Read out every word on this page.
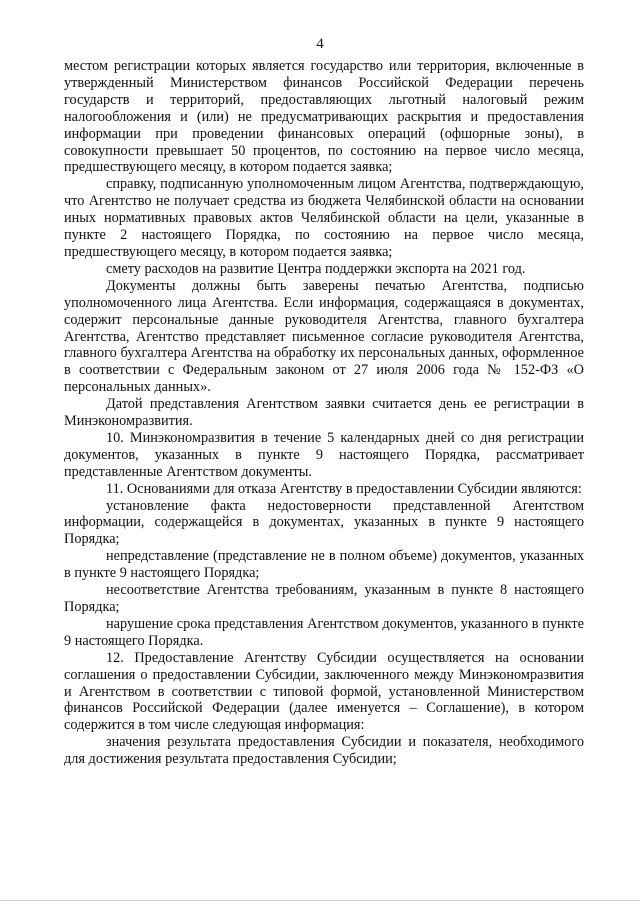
4

местом регистрации которых является государство или территория, включенные в утвержденный Министерством финансов Российской Федерации перечень государств и территорий, предоставляющих льготный налоговый режим налогообложения и (или) не предусматривающих раскрытия и предоставления информации при проведении финансовых операций (офшорные зоны), в совокупности превышает 50 процентов, по состоянию на первое число месяца, предшествующего месяцу, в котором подается заявка;

справку, подписанную уполномоченным лицом Агентства, подтверждающую, что Агентство не получает средства из бюджета Челябинской области на основании иных нормативных правовых актов Челябинской области на цели, указанные в пункте 2 настоящего Порядка, по состоянию на первое число месяца, предшествующего месяцу, в котором подается заявка;

смету расходов на развитие Центра поддержки экспорта на 2021 год.

Документы должны быть заверены печатью Агентства, подписью уполномоченного лица Агентства. Если информация, содержащаяся в документах, содержит персональные данные руководителя Агентства, главного бухгалтера Агентства, Агентство представляет письменное согласие руководителя Агентства, главного бухгалтера Агентства на обработку их персональных данных, оформленное в соответствии с Федеральным законом от 27 июля 2006 года № 152-ФЗ «О персональных данных».

Датой представления Агентством заявки считается день ее регистрации в Минэкономразвития.

10. Минэкономразвития в течение 5 календарных дней со дня регистрации документов, указанных в пункте 9 настоящего Порядка, рассматривает представленные Агентством документы.

11. Основаниями для отказа Агентству в предоставлении Субсидии являются:

установление факта недостоверности представленной Агентством информации, содержащейся в документах, указанных в пункте 9 настоящего Порядка;

непредставление (представление не в полном объеме) документов, указанных в пункте 9 настоящего Порядка;

несоответствие Агентства требованиям, указанным в пункте 8 настоящего Порядка;

нарушение срока представления Агентством документов, указанного в пункте 9 настоящего Порядка.

12. Предоставление Агентству Субсидии осуществляется на основании соглашения о предоставлении Субсидии, заключенного между Минэкономразвития и Агентством в соответствии с типовой формой, установленной Министерством финансов Российской Федерации (далее именуется – Соглашение), в котором содержится в том числе следующая информация:

значения результата предоставления Субсидии и показателя, необходимого для достижения результата предоставления Субсидии;
